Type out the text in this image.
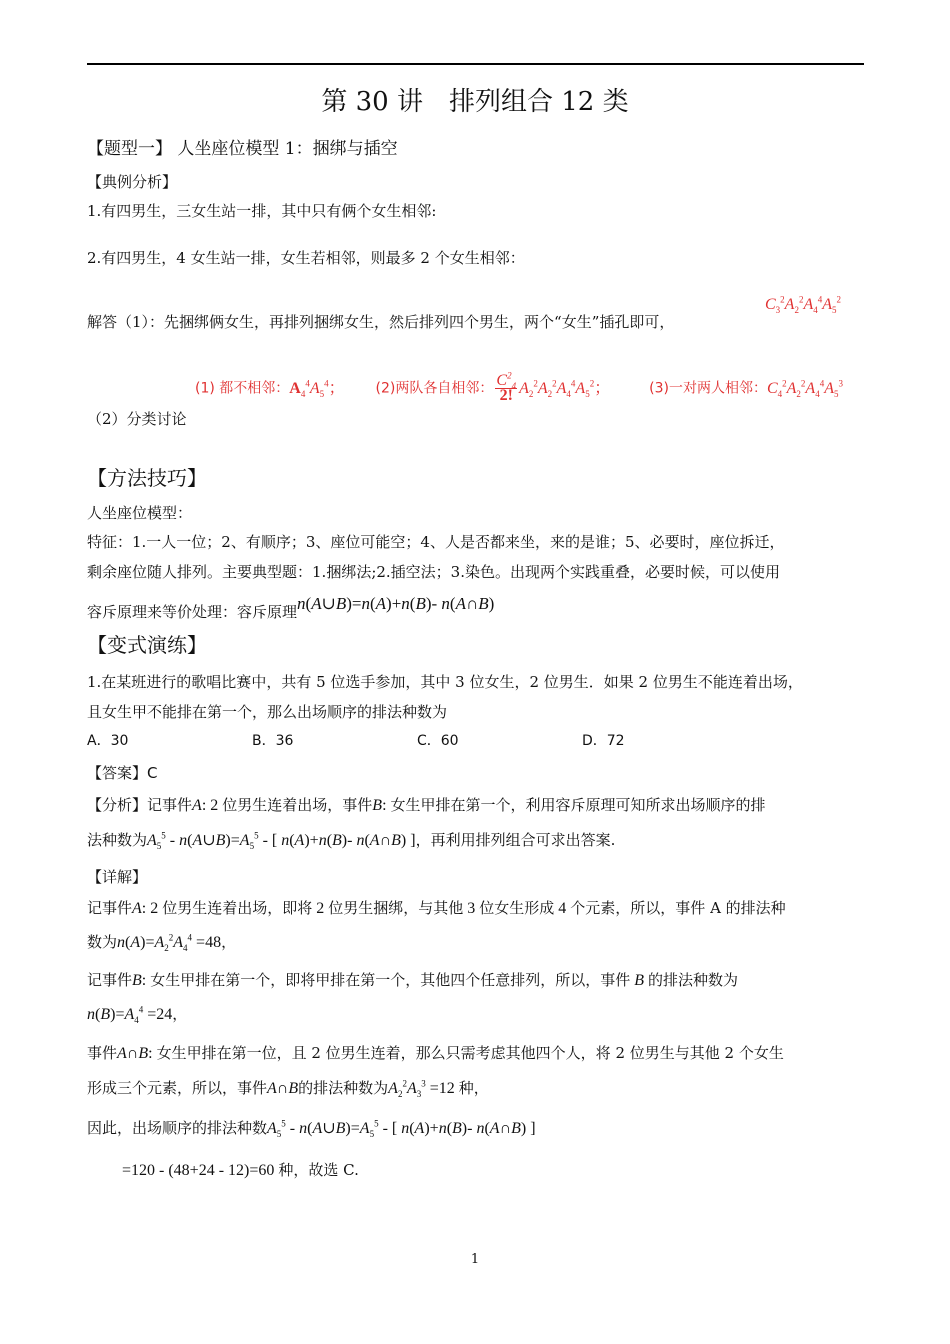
第 30 讲　排列组合 12 类
【题型一】 人坐座位模型 1：捆绑与插空
【典例分析】
1.有四男生，三女生站一排，其中只有俩个女生相邻:
2.有四男生，4 女生站一排，女生若相邻，则最多 2 个女生相邻：
解答（1）：先捆绑俩女生，再排列捆绑女生，然后排列四个男生，两个“女生”插孔即可，
$C_3^2A_2^2A_4^4A_5^2$
(1) 都不相邻：$A_4^4A_5^4$； (2)两队各自相邻： $\frac{C^2_4}{2!} A_2^2A_2^2A_4^4A_5^2$；	(3)一对两人相邻：$C_4^2A_2^2A_4^4A_5^3$
（2）分类讨论
【方法技巧】
人坐座位模型：
特征：1.一人一位；2、有顺序；3、座位可能空；4、人是否都来坐，来的是谁；5、必要时，座位拆迁，
剩余座位随人排列。主要典型题：1.捆绑法;2.插空法；3.染色。出现两个实践重叠，必要时候，可以使用
容斥原理来等价处理：容斥原理n(A∪B)=n(A)+n(B)- n(A∩B)
【变式演练】
1.在某班进行的歌唱比赛中，共有 5 位选手参加，其中 3 位女生，2 位男生．如果 2 位男生不能连着出场，
且女生甲不能排在第一个，那么出场顺序的排法种数为
A．30	B．36	C．60	D．72
【答案】C
【分析】记事件A: 2 位男生连着出场，事件B: 女生甲排在第一个，利用容斥原理可知所求出场顺序的排
法种数为$A_5^5$ - $n(A\cup B)=A_5^5$ - [ n(A)+n(B)- n(A∩B) ]，再利用排列组合可求出答案.
【详解】
记事件A: 2 位男生连着出场，即将 2 位男生捆绑，与其他 3 位女生形成 4 个元素，所以，事件 A 的排法种
数为$n(A)=A_2^2A_4^4 =48$，
记事件B: 女生甲排在第一个，即将甲排在第一个，其他四个任意排列，所以，事件 B 的排法种数为
$n(B)=A_4^4 =24$，
事件A∩B: 女生甲排在第一位，且 2 位男生连着，那么只需考虑其他四个人，将 2 位男生与其他 2 个女生
形成三个元素，所以，事件A∩B的排法种数为$A_2^2A_3^3 =12$ 种，
因此，出场顺序的排法种数$A_5^5$ - $n(A\cup B)=A_5^5$ - [ n(A)+n(B)- n(A∩B) ]
=120 - (48+24 - 12)=60 种，故选 C.
1
